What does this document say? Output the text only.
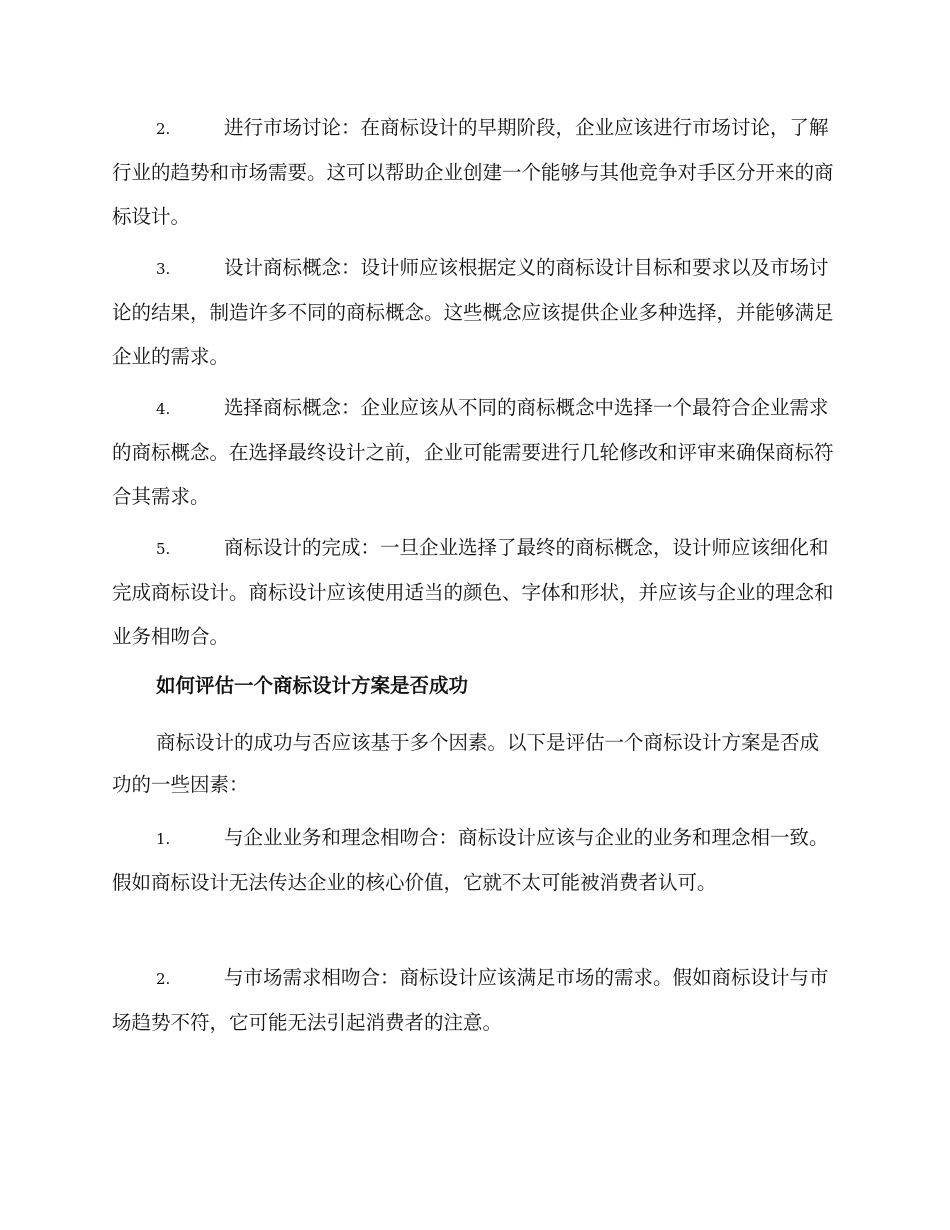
2.	进行市场讨论：在商标设计的早期阶段，企业应该进行市场讨论，了解行业的趋势和市场需要。这可以帮助企业创建一个能够与其他竞争对手区分开来的商标设计。
3.	设计商标概念：设计师应该根据定义的商标设计目标和要求以及市场讨论的结果，制造许多不同的商标概念。这些概念应该提供企业多种选择，并能够满足企业的需求。
4.	选择商标概念：企业应该从不同的商标概念中选择一个最符合企业需求的商标概念。在选择最终设计之前，企业可能需要进行几轮修改和评审来确保商标符合其需求。
5.	商标设计的完成：一旦企业选择了最终的商标概念，设计师应该细化和完成商标设计。商标设计应该使用适当的颜色、字体和形状，并应该与企业的理念和业务相吻合。
如何评估一个商标设计方案是否成功
商标设计的成功与否应该基于多个因素。以下是评估一个商标设计方案是否成功的一些因素：
1.	与企业业务和理念相吻合：商标设计应该与企业的业务和理念相一致。假如商标设计无法传达企业的核心价值，它就不太可能被消费者认可。
2.	与市场需求相吻合：商标设计应该满足市场的需求。假如商标设计与市场趋势不符，它可能无法引起消费者的注意。
